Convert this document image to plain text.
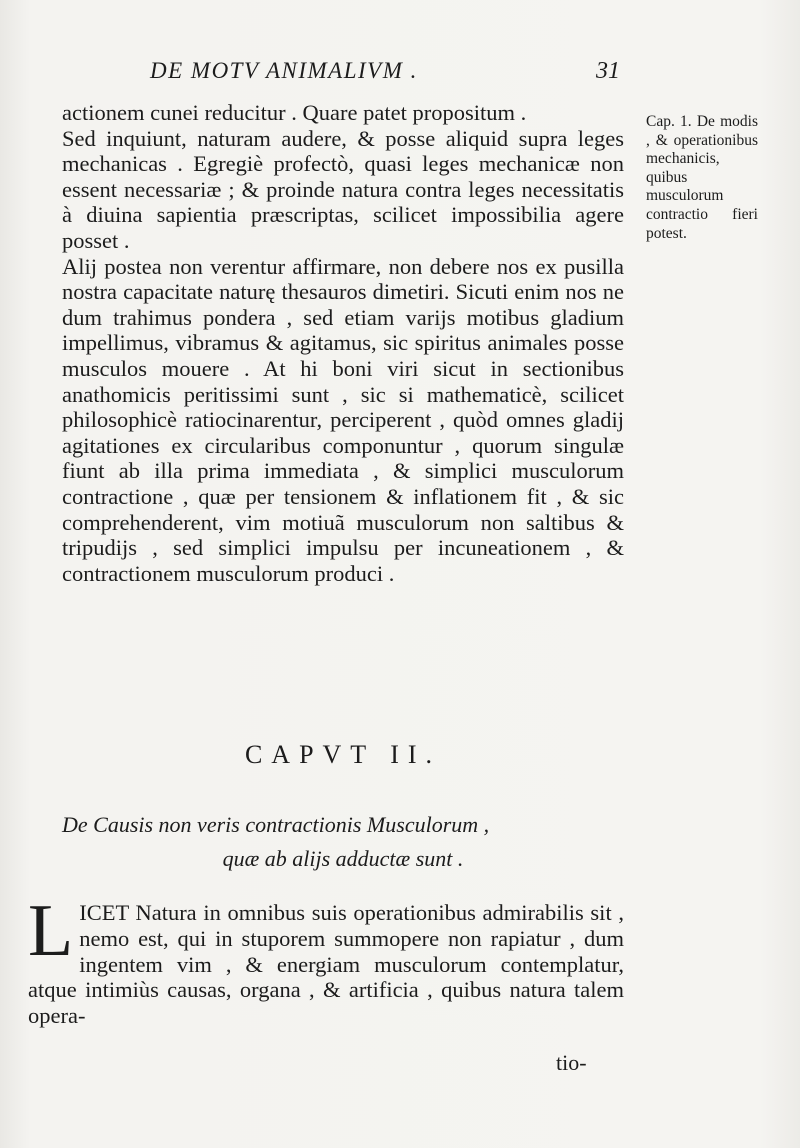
DE MOTV ANIMALIVM .	31

actionem cunei reducitur . Quare patet propositum .

Sed inquiunt, naturam audere, & posse aliquid supra leges mechanicas . Egregiè profectò, quasi leges mechanicæ non essent necessariæ ; & proinde natura contra leges necessitatis à diuina sapientia præscriptas, scilicet impossibilia agere posset .

Alij postea non verentur affirmare, non debere nos ex pusilla nostra capacitate naturę thesauros dimetiri. Sicuti enim nos ne dum trahimus pondera , sed etiam varijs motibus gladium impellimus, vibramus & agitamus, sic spiritus animales posse musculos mouere . At hi boni viri sicut in sectionibus anathomicis peritissimi sunt , sic si mathematicè, scilicet philosophicè ratiocinarentur, perciperent , quòd omnes gladij agitationes ex circularibus componuntur , quorum singulæ fiunt ab illa prima immediata , & simplici musculorum contractione , quæ per tensionem & inflationem fit , & sic comprehenderent, vim motiuã musculorum non saltibus & tripudijs , sed simplici impulsu per incuneationem , & contractionem musculorum produci .

Cap. 1. De modis , & operationibus mechanicis, quibus musculorum contractio fieri potest.
CAPVT II.
De Causis non veris contractionis Musculorum ,
quæ ab alijs adductæ sunt .
L ICET Natura in omnibus suis operationibus admirabilis sit , nemo est, qui in stuporem summopere non rapiatur , dum ingentem vim , & energiam musculorum contemplatur, atque intimiùs causas, organa , & artificia , quibus natura talem opera-

tio-
